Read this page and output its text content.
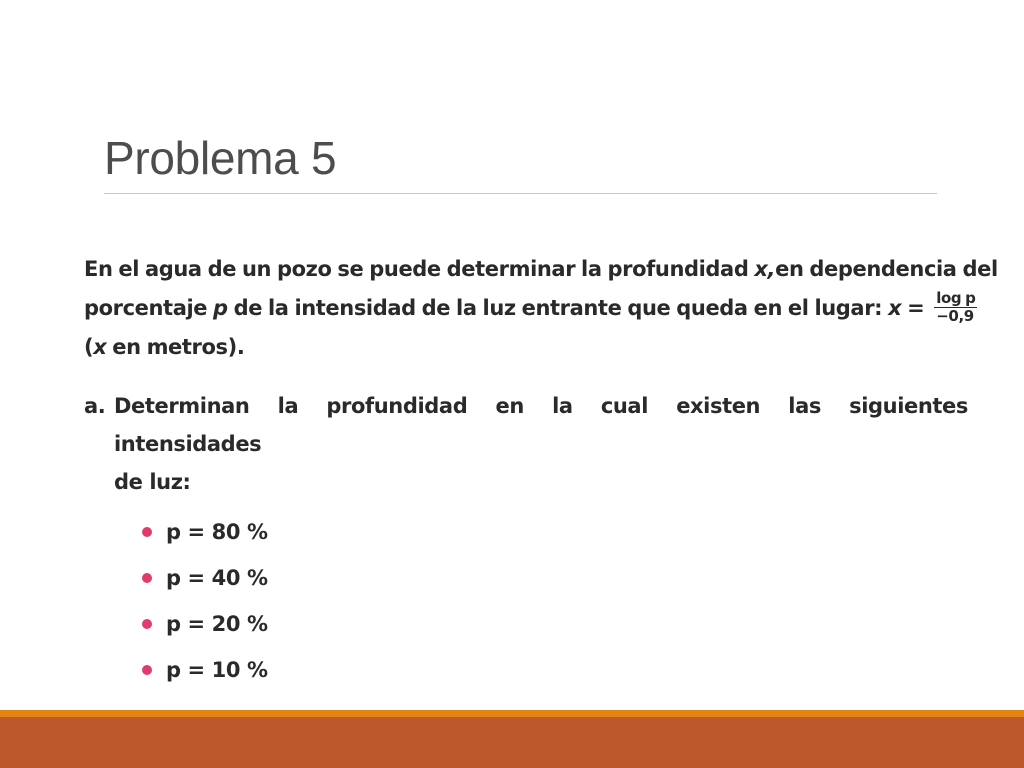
Problema 5
En el agua de un pozo se puede determinar la profundidad x, en dependencia del
porcentaje p de la intensidad de la luz entrante que queda en el lugar: $x = \frac{\text{log p}}{-0,9}$
(x en metros).
a. Determinan la profundidad en la cual existen las siguientes intensidades
de luz:
p = 80 %
p = 40 %
p = 20 %
p = 10 %
